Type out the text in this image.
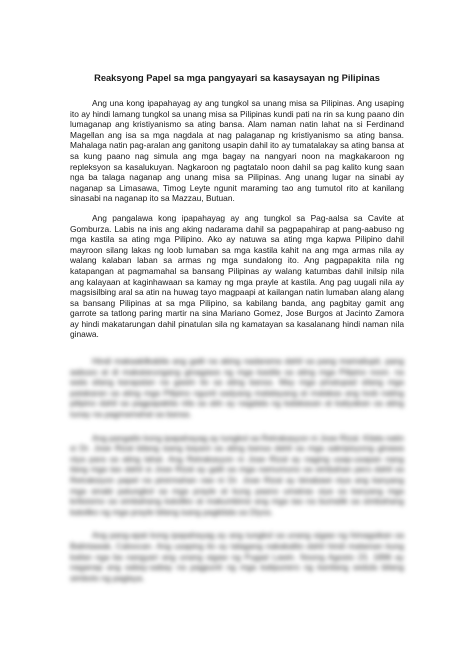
Reaksyong Papel sa mga pangyayari sa kasaysayan ng Pilipinas

Ang una kong ipapahayag ay ang tungkol sa unang misa sa Pilipinas. Ang usaping ito ay hindi lamang tungkol sa unang misa sa Pilipinas kundi pati na rin sa kung paano din lumaganap ang kristiyanismo sa ating bansa. Alam naman natin lahat na si Ferdinand Magellan ang isa sa mga nagdala at nag palaganap ng kristiyanismo sa ating bansa. Mahalaga natin pag-aralan ang ganitong usapin dahil ito ay tumatalakay sa ating bansa at sa kung paano nag simula ang mga bagay na nangyari noon na magkakaroon ng repleksyon sa kasalukuyan. Nagkaroon ng pagtatalo noon dahil sa pag kalito kung saan nga ba talaga naganap ang unang misa sa Pilipinas. Ang unang lugar na sinabi ay naganap sa Limasawa, Timog Leyte ngunit maraming tao ang tumutol rito at kanilang sinasabi na naganap ito sa Mazzau, Butuan.

Ang pangalawa kong ipapahayag ay ang tungkol sa Pag-aalsa sa Cavite at Gomburza. Labis na inis ang aking nadarama dahil sa pagpapahirap at pang-aabuso ng mga kastila sa ating mga Pilipino. Ako ay natuwa sa ating mga kapwa Pilipino dahil mayroon silang lakas ng loob lumaban sa mga kastila kahit na ang mga armas nila ay walang kalaban laban sa armas ng mga sundalong ito. Ang pagpapakita nila ng katapangan at pagmamahal sa bansang Pilipinas ay walang katumbas dahil inilsip nila ang kalayaan at kaginhawaan sa kamay ng mga prayle at kastila. Ang pag uugali nila ay magsisilbing aral sa atin na huwag tayo magpaapi at kailangan natin lumaban alang alang sa bansang Pilipinas at sa mga Pilipino, sa kabilang banda, ang pagbitay gamit ang garrote sa tatlong paring martir na sina Mariano Gomez, Jose Burgos at Jacinto Zamora ay hindi makatarungan dahil pinatulan sila ng kamatayan sa kasalanang hindi naman nila ginawa.

Hindi makaakilkabila ang galit na aking nadarama dahil sa pang mamaliupit, pang aabuso at di makatarungang ginagawa ng mga kastila sa ating mga Pilipino noon. na wala silang karapatan na gawin ito sa ating bansa. May mga pinatupad silang mga patakaran sa ating mga Pilipino ngunit sadyang malalayang at malakas ang loob nating pilipino dahil sa pagpapakita nila sa atin ay nagdala ng kalakasan at katiyakan sa ating tunay na pagmamahal sa bansa.

Ang pangatlo kong ipapahayag ay tungkol sa Retrakasyon ni Jose Rizal. Kilala natin si Dr. Jose Rizal bilang isang bayani sa ating bansa dahil sa mga sakripisyong ginawa niya para sa ating lahat. Ang Retrakasyon ni Jose Rizal ay naging usap-usapan nang ilang mga tao dahil si Jose Rizal ay galit sa mga namumuno sa simbahan pero dahil sa Retraksiyon papel na pinirmahan raw ni Dr. Jose Rizal ay binabawi niya ang kanyang mga sinabi patungkol sa mga prayle at kung paano umatras siya sa kanyang mga kritisismo sa simbahang katoliko at makumbinsi ang mga tao na bumalik sa simbahang katoliko ng mga prayle bilang isang pagkilala sa Diyos.

Ang pang-apat kong ipapahayag ay ang tungkol sa unang sigaw ng himagsikan sa Balintawak, Caloocan. Ang usaping ito ay talagang nakakalito dahil hindi malaman kung kailan nga ba nangyari ang unang sigaw ng Pugad Lawin. Noong Agosto 23, 1896 ay naganap ang sabay-sabay na pagpunit ng mga katipunero ng kanilang sedula bilang simbolo ng paglaya.
